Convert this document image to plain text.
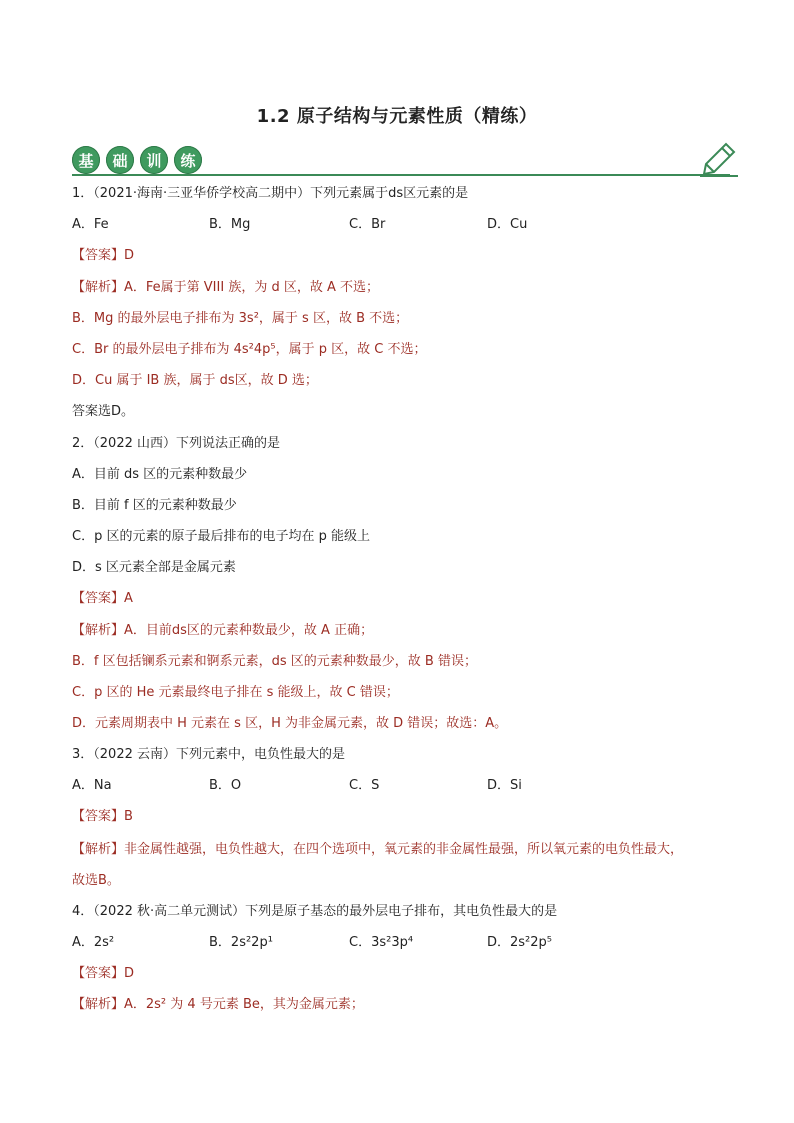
1.2 原子结构与元素性质（精练）
基	础	训	练
1．（2021·海南·三亚华侨学校高二期中）下列元素属于ds区元素的是
A．Fe	B．Mg	C．Br	D．Cu
【答案】D
【解析】A．Fe属于第 VIII 族，为 d 区，故 A 不选；
B．Mg 的最外层电子排布为 3s²，属于 s 区，故 B 不选；
C．Br 的最外层电子排布为 4s²4p⁵，属于 p 区，故 C 不选；
D．Cu 属于 IB 族，属于 ds区，故 D 选；
答案选D。
2．（2022 山西）下列说法正确的是
A．目前 ds 区的元素种数最少
B．目前 f 区的元素种数最少
C．p 区的元素的原子最后排布的电子均在 p 能级上
D．s 区元素全部是金属元素
【答案】A
【解析】A．目前ds区的元素种数最少，故 A 正确；
B．f 区包括镧系元素和锕系元素，ds 区的元素种数最少，故 B 错误；
C．p 区的 He 元素最终电子排在 s 能级上，故 C 错误；
D．元素周期表中 H 元素在 s 区，H 为非金属元素，故 D 错误；故选：A。
3．（2022 云南）下列元素中，电负性最大的是
A．Na	B．O	C．S	D．Si
【答案】B
【解析】非金属性越强，电负性越大，在四个选项中，氧元素的非金属性最强，所以氧元素的电负性最大，
故选B。
4．（2022 秋·高二单元测试）下列是原子基态的最外层电子排布，其电负性最大的是
A．2s²	B．2s²2p¹	C．3s²3p⁴	D．2s²2p⁵
【答案】D
【解析】A．2s² 为 4 号元素 Be，其为金属元素；
